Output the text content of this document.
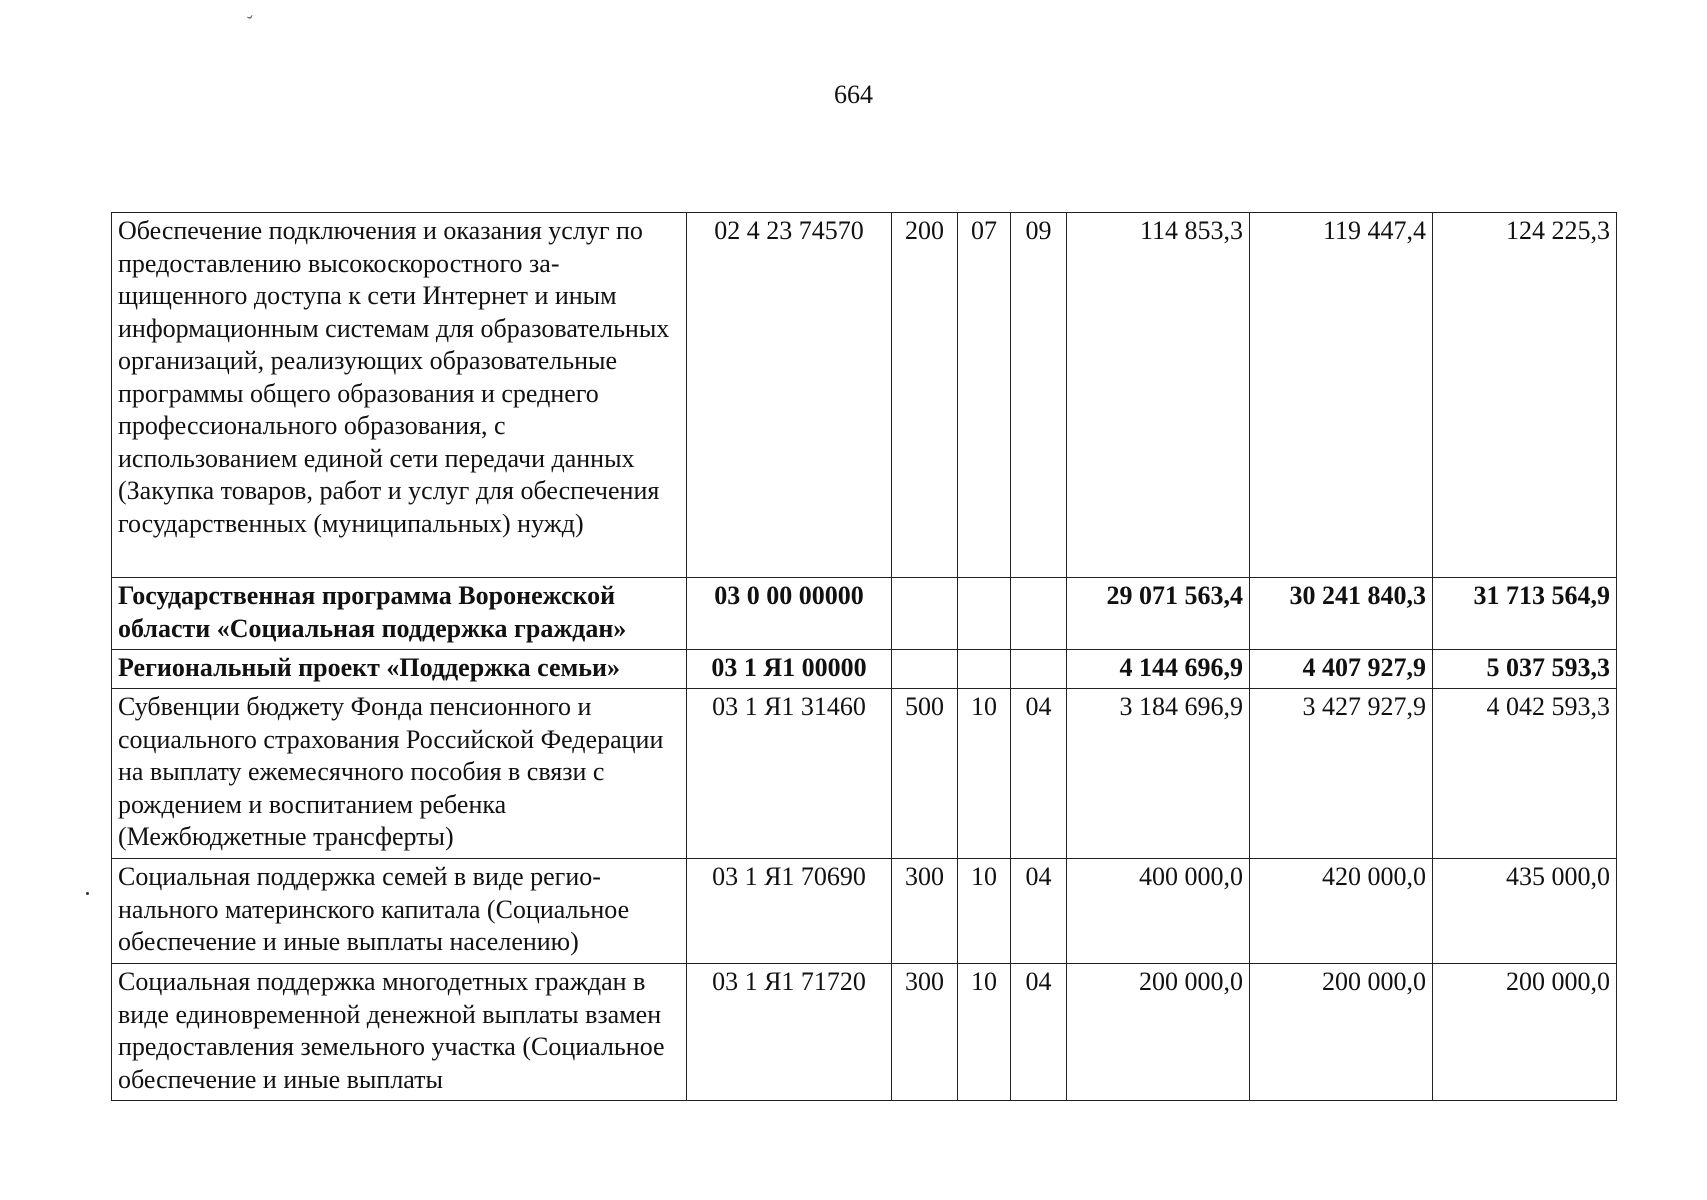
ˇ
664
Обеспечение подключения и оказания услуг по предоставлению высокоскоростного защищенного доступа к сети Интернет и иным информационным системам для образовательных организаций, реализующих образовательные программы общего образования и среднего профессионального образования, с использованием единой сети передачи данных (Закупка товаров, работ и услуг для обеспечения государственных (муниципальных) нужд)	02 4 23 74570	200	07	09	114 853,3	119 447,4	124 225,3
Государственная программа Воронежской области «Социальная поддержка граждан»	03 0 00 00000				29 071 563,4	30 241 840,3	31 713 564,9
Региональный проект «Поддержка семьи»	03 1 Я1 00000				4 144 696,9	4 407 927,9	5 037 593,3
Субвенции бюджету Фонда пенсионного и социального страхования Российской Федерации на выплату ежемесячного пособия в связи с рождением и воспитанием ребенка (Межбюджетные трансферты)	03 1 Я1 31460	500	10	04	3 184 696,9	3 427 927,9	4 042 593,3
Социальная поддержка семей в виде регионального материнского капитала (Социальное обеспечение и иные выплаты населению)	03 1 Я1 70690	300	10	04	400 000,0	420 000,0	435 000,0
Социальная поддержка многодетных граждан в виде единовременной денежной выплаты взамен предоставления земельного участка (Социальное обеспечение и иные выплаты	03 1 Я1 71720	300	10	04	200 000,0	200 000,0	200 000,0
